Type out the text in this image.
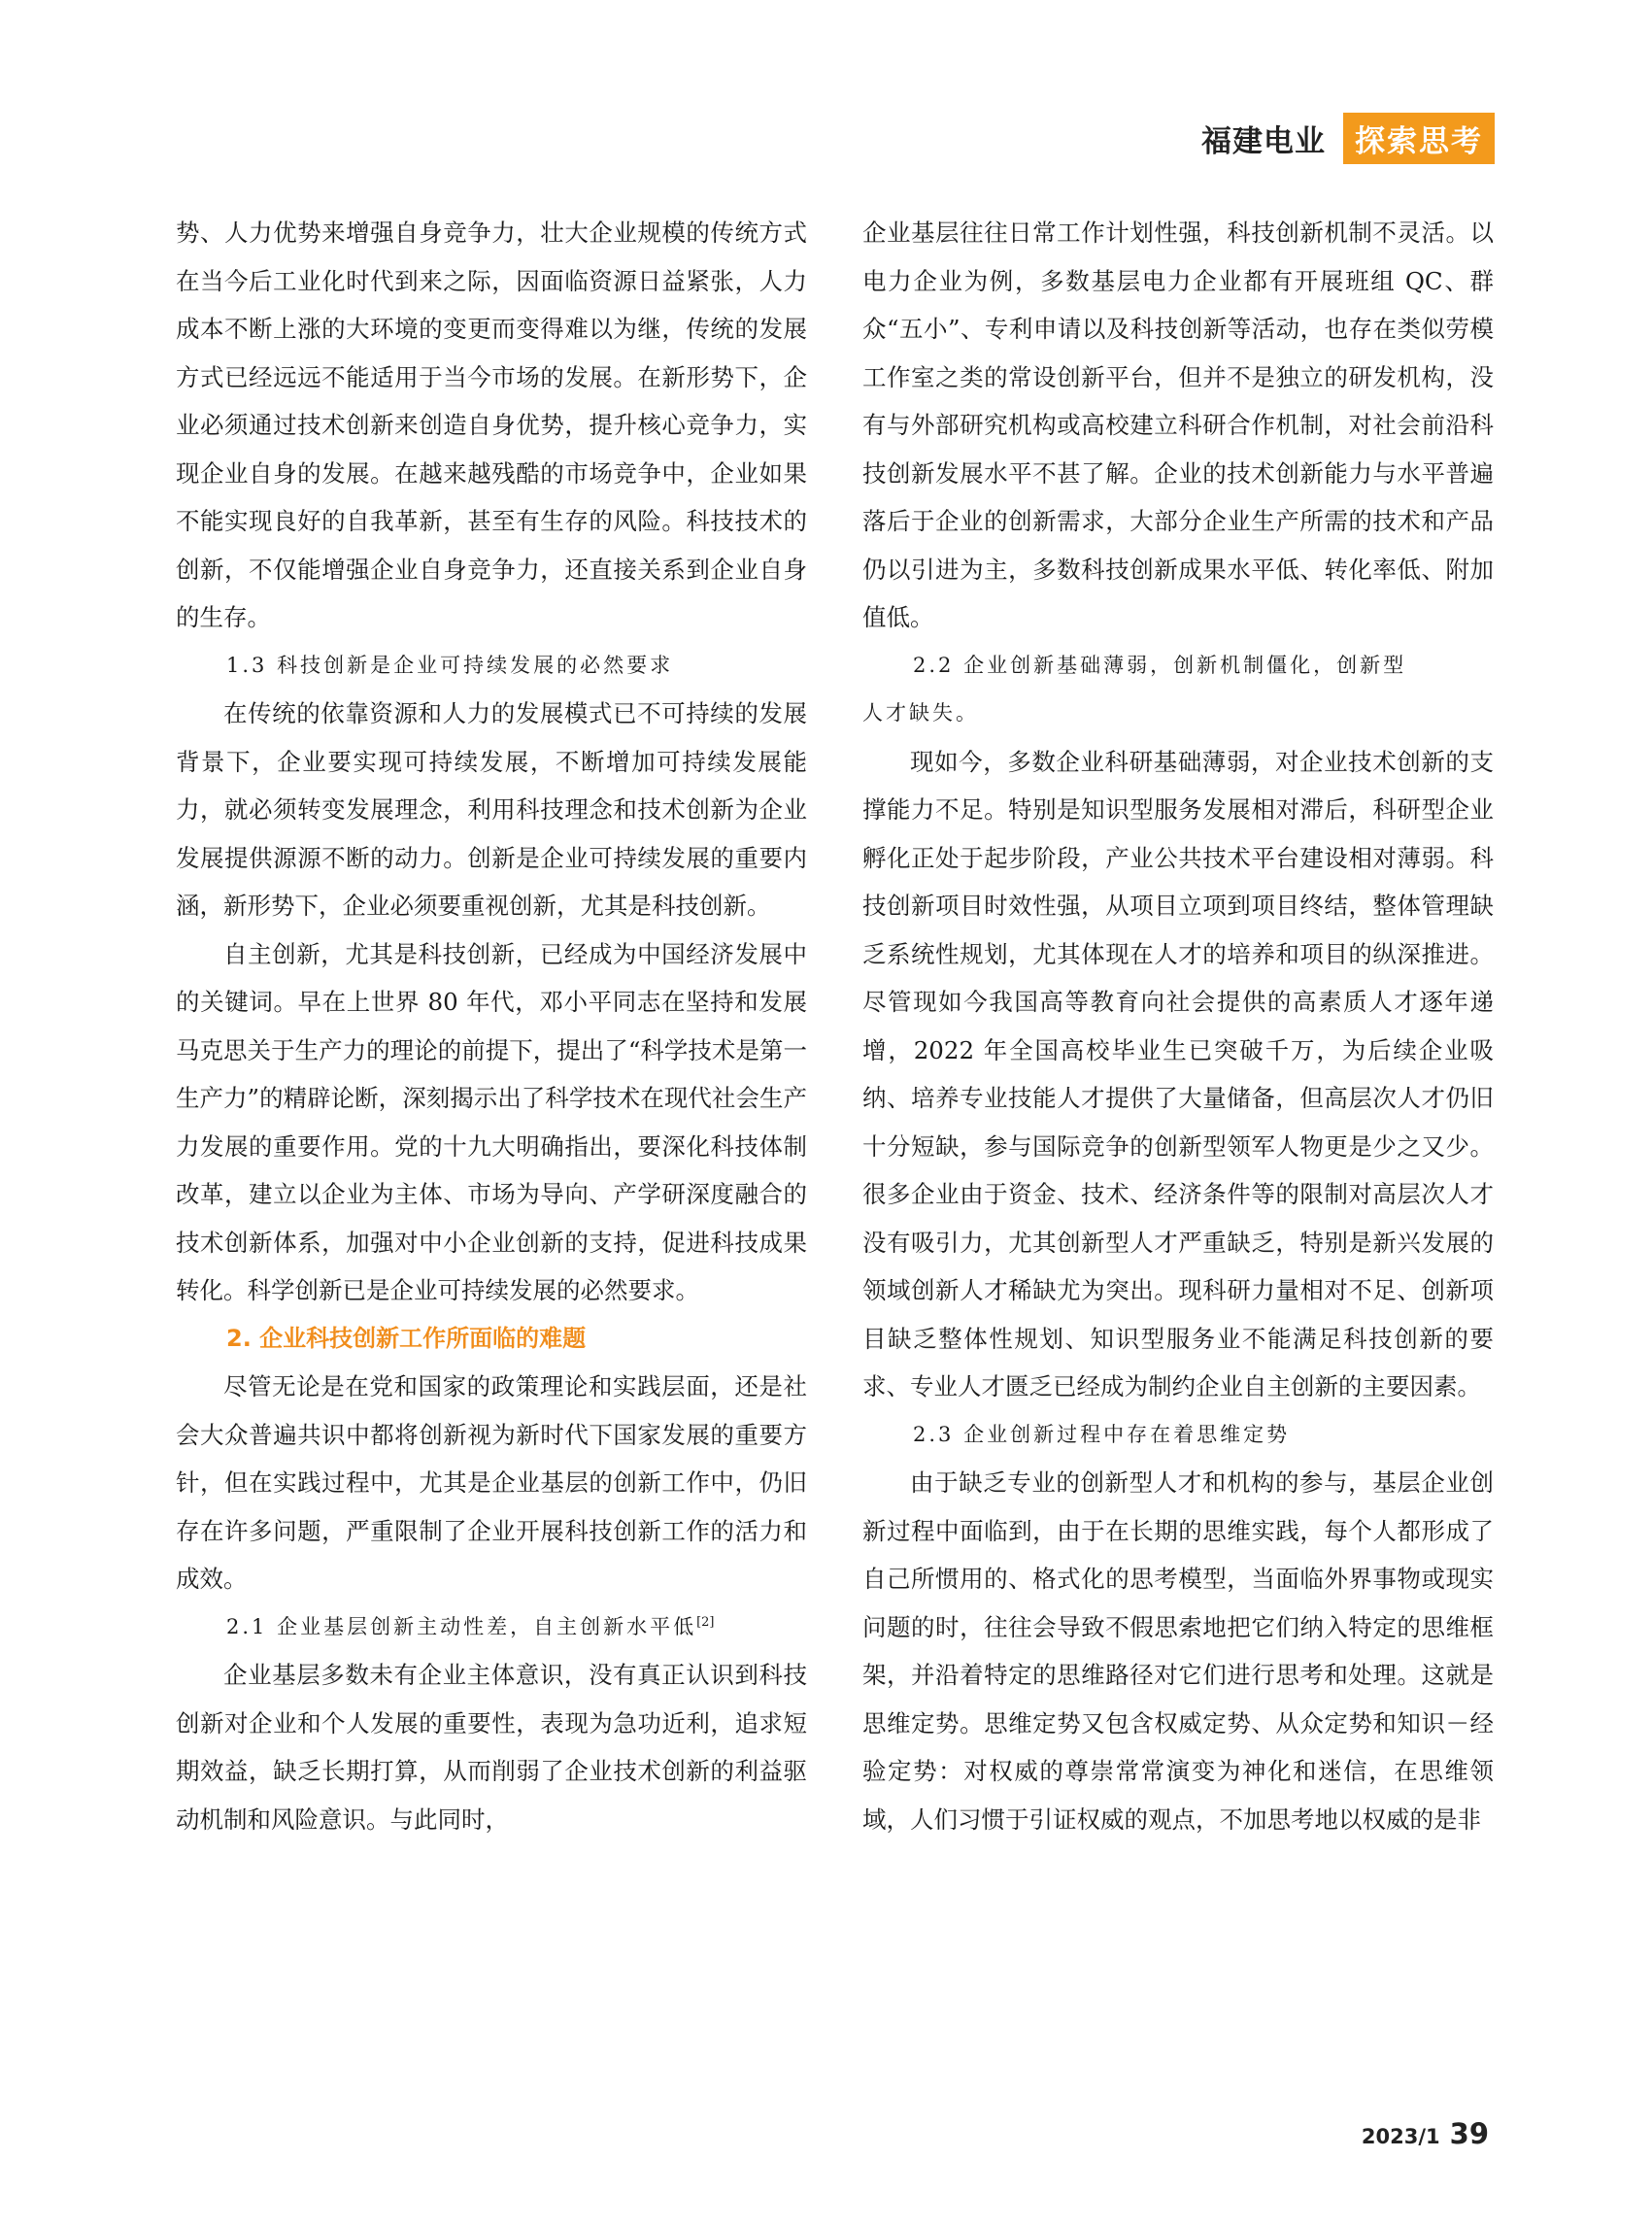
福建电业 探索思考

势、人力优势来增强自身竞争力，壮大企业规模的传统方式在当今后工业化时代到来之际，因面临资源日益紧张，人力成本不断上涨的大环境的变更而变得难以为继，传统的发展方式已经远远不能适用于当今市场的发展。在新形势下，企业必须通过技术创新来创造自身优势，提升核心竞争力，实现企业自身的发展。在越来越残酷的市场竞争中，企业如果不能实现良好的自我革新，甚至有生存的风险。科技技术的创新，不仅能增强企业自身竞争力，还直接关系到企业自身的生存。

1.3 科技创新是企业可持续发展的必然要求

在传统的依靠资源和人力的发展模式已不可持续的发展背景下，企业要实现可持续发展，不断增加可持续发展能力，就必须转变发展理念，利用科技理念和技术创新为企业发展提供源源不断的动力。创新是企业可持续发展的重要内涵，新形势下，企业必须要重视创新，尤其是科技创新。

自主创新，尤其是科技创新，已经成为中国经济发展中的关键词。早在上世界 80 年代，邓小平同志在坚持和发展马克思关于生产力的理论的前提下，提出了“科学技术是第一生产力”的精辟论断，深刻揭示出了科学技术在现代社会生产力发展的重要作用。党的十九大明确指出，要深化科技体制改革，建立以企业为主体、市场为导向、产学研深度融合的技术创新体系，加强对中小企业创新的支持，促进科技成果转化。科学创新已是企业可持续发展的必然要求。

2. 企业科技创新工作所面临的难题

尽管无论是在党和国家的政策理论和实践层面，还是社会大众普遍共识中都将创新视为新时代下国家发展的重要方针，但在实践过程中，尤其是企业基层的创新工作中，仍旧存在许多问题，严重限制了企业开展科技创新工作的活力和成效。

2.1 企业基层创新主动性差，自主创新水平低[2]

企业基层多数未有企业主体意识，没有真正认识到科技创新对企业和个人发展的重要性，表现为急功近利，追求短期效益，缺乏长期打算，从而削弱了企业技术创新的利益驱动机制和风险意识。与此同时，

企业基层往往日常工作计划性强，科技创新机制不灵活。以电力企业为例，多数基层电力企业都有开展班组 QC、群众“五小”、专利申请以及科技创新等活动，也存在类似劳模工作室之类的常设创新平台，但并不是独立的研发机构，没有与外部研究机构或高校建立科研合作机制，对社会前沿科技创新发展水平不甚了解。企业的技术创新能力与水平普遍落后于企业的创新需求，大部分企业生产所需的技术和产品仍以引进为主，多数科技创新成果水平低、转化率低、附加值低。

2.2 企业创新基础薄弱，创新机制僵化，创新型

人才缺失。

现如今，多数企业科研基础薄弱，对企业技术创新的支撑能力不足。特别是知识型服务发展相对滞后，科研型企业孵化正处于起步阶段，产业公共技术平台建设相对薄弱。科技创新项目时效性强，从项目立项到项目终结，整体管理缺乏系统性规划，尤其体现在人才的培养和项目的纵深推进。尽管现如今我国高等教育向社会提供的高素质人才逐年递增，2022 年全国高校毕业生已突破千万，为后续企业吸纳、培养专业技能人才提供了大量储备，但高层次人才仍旧十分短缺，参与国际竞争的创新型领军人物更是少之又少。很多企业由于资金、技术、经济条件等的限制对高层次人才没有吸引力，尤其创新型人才严重缺乏，特别是新兴发展的领域创新人才稀缺尤为突出。现科研力量相对不足、创新项目缺乏整体性规划、知识型服务业不能满足科技创新的要求、专业人才匮乏已经成为制约企业自主创新的主要因素。

2.3 企业创新过程中存在着思维定势

由于缺乏专业的创新型人才和机构的参与，基层企业创新过程中面临到，由于在长期的思维实践，每个人都形成了自己所惯用的、格式化的思考模型，当面临外界事物或现实问题的时，往往会导致不假思索地把它们纳入特定的思维框架，并沿着特定的思维路径对它们进行思考和处理。这就是思维定势。思维定势又包含权威定势、从众定势和知识－经验定势：对权威的尊崇常常演变为神化和迷信，在思维领域，人们习惯于引证权威的观点，不加思考地以权威的是非

2023/1 39
